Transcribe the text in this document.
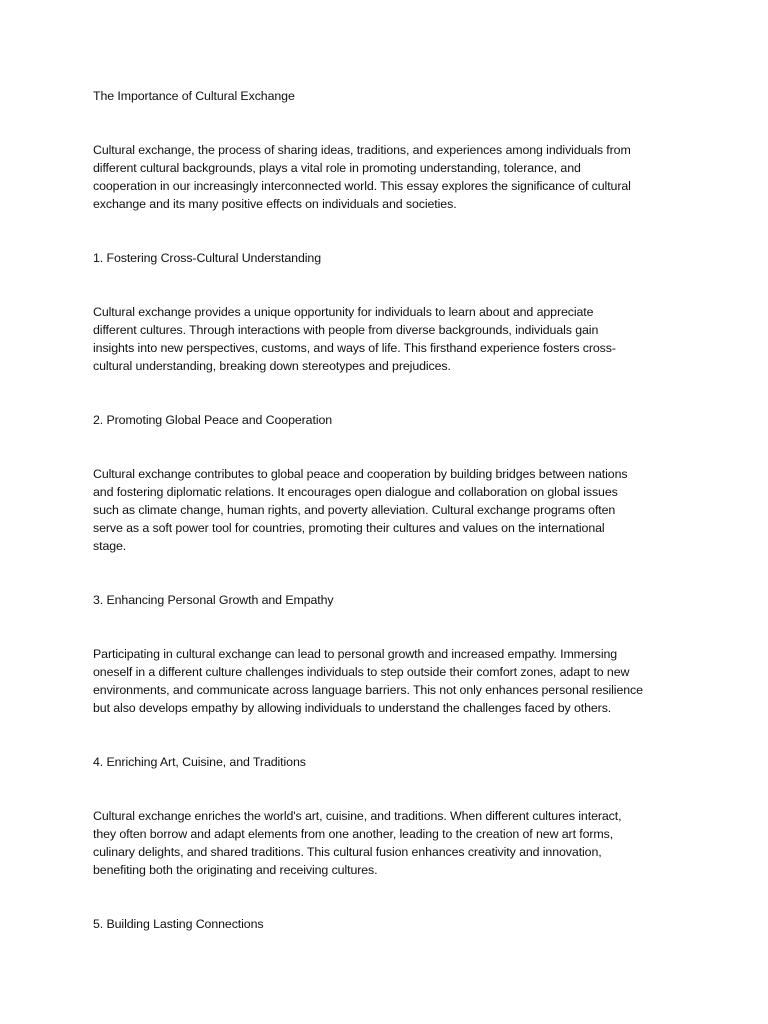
The Importance of Cultural Exchange
Cultural exchange, the process of sharing ideas, traditions, and experiences among individuals from
different cultural backgrounds, plays a vital role in promoting understanding, tolerance, and
cooperation in our increasingly interconnected world. This essay explores the significance of cultural
exchange and its many positive effects on individuals and societies.
1. Fostering Cross-Cultural Understanding
Cultural exchange provides a unique opportunity for individuals to learn about and appreciate
different cultures. Through interactions with people from diverse backgrounds, individuals gain
insights into new perspectives, customs, and ways of life. This firsthand experience fosters cross-
cultural understanding, breaking down stereotypes and prejudices.
2. Promoting Global Peace and Cooperation
Cultural exchange contributes to global peace and cooperation by building bridges between nations
and fostering diplomatic relations. It encourages open dialogue and collaboration on global issues
such as climate change, human rights, and poverty alleviation. Cultural exchange programs often
serve as a soft power tool for countries, promoting their cultures and values on the international
stage.
3. Enhancing Personal Growth and Empathy
Participating in cultural exchange can lead to personal growth and increased empathy. Immersing
oneself in a different culture challenges individuals to step outside their comfort zones, adapt to new
environments, and communicate across language barriers. This not only enhances personal resilience
but also develops empathy by allowing individuals to understand the challenges faced by others.
4. Enriching Art, Cuisine, and Traditions
Cultural exchange enriches the world's art, cuisine, and traditions. When different cultures interact,
they often borrow and adapt elements from one another, leading to the creation of new art forms,
culinary delights, and shared traditions. This cultural fusion enhances creativity and innovation,
benefiting both the originating and receiving cultures.
5. Building Lasting Connections
